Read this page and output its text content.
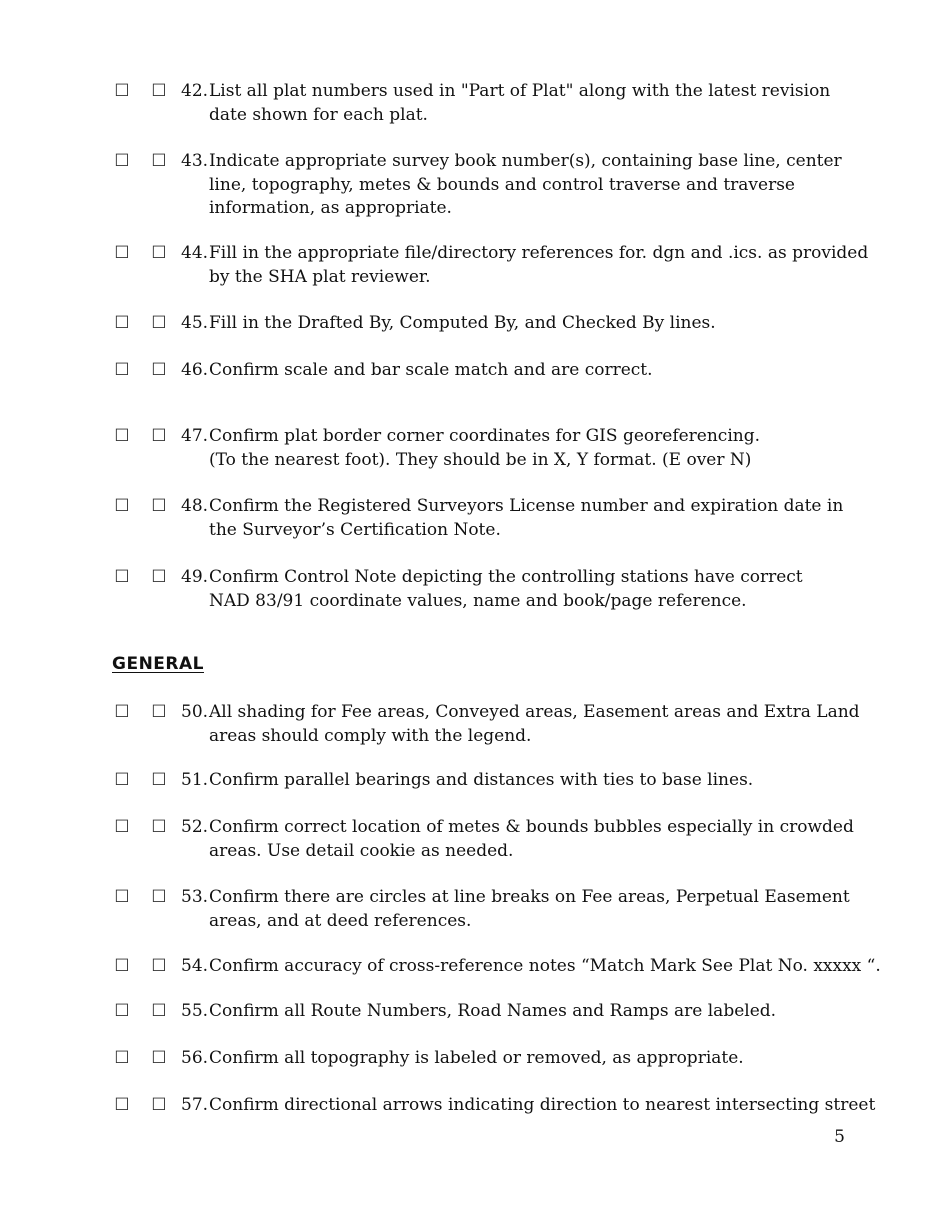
☐ ☐ 42. List all plat numbers used in "Part of Plat" along with the latest revision
date shown for each plat.
☐ ☐ 43. Indicate appropriate survey book number(s), containing base line, center
line, topography, metes & bounds and control traverse and traverse
information, as appropriate.
☐ ☐ 44. Fill in the appropriate file/directory references for. dgn and .ics. as provided
by the SHA plat reviewer.
☐ ☐ 45. Fill in the Drafted By, Computed By, and Checked By lines.
☐ ☐ 46. Confirm scale and bar scale match and are correct.
☐ ☐ 47. Confirm plat border corner coordinates for GIS georeferencing.
(To the nearest foot). They should be in X, Y format. (E over N)
☐ ☐ 48. Confirm the Registered Surveyors License number and expiration date in
the Surveyor’s Certification Note.
☐ ☐ 49. Confirm Control Note depicting the controlling stations have correct
NAD 83/91 coordinate values, name and book/page reference.
GENERAL
☐ ☐ 50. All shading for Fee areas, Conveyed areas, Easement areas and Extra Land
areas should comply with the legend.
☐ ☐ 51. Confirm parallel bearings and distances with ties to base lines.
☐ ☐ 52. Confirm correct location of metes & bounds bubbles especially in crowded
areas. Use detail cookie as needed.
☐ ☐ 53. Confirm there are circles at line breaks on Fee areas, Perpetual Easement
areas, and at deed references.
☐ ☐ 54. Confirm accuracy of cross-reference notes “Match Mark See Plat No. xxxxx “.
☐ ☐ 55. Confirm all Route Numbers, Road Names and Ramps are labeled.
☐ ☐ 56. Confirm all topography is labeled or removed, as appropriate.
☐ ☐ 57. Confirm directional arrows indicating direction to nearest intersecting street
5
